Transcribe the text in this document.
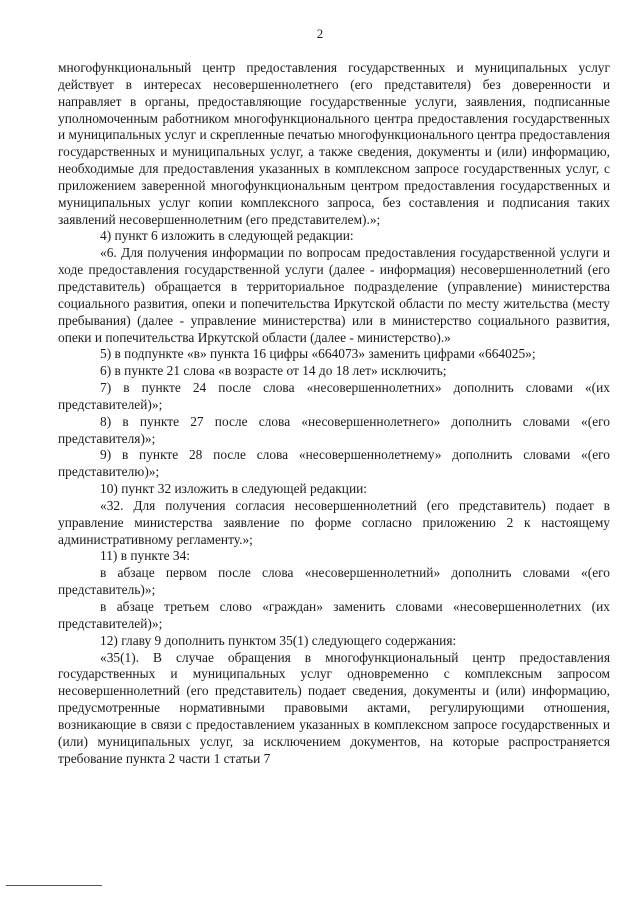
2

многофункциональный центр предоставления государственных и муниципальных услуг действует в интересах несовершеннолетнего (его представителя) без доверенности и направляет в органы, предоставляющие государственные услуги, заявления, подписанные уполномоченным работником многофункционального центра предоставления государственных и муниципальных услуг и скрепленные печатью многофункционального центра предоставления государственных и муниципальных услуг, а также сведения, документы и (или) информацию, необходимые для предоставления указанных в комплексном запросе государственных услуг, с приложением заверенной многофункциональным центром предоставления государственных и муниципальных услуг копии комплексного запроса, без составления и подписания таких заявлений несовершеннолетним (его представителем).»;

4) пункт 6 изложить в следующей редакции:

«6. Для получения информации по вопросам предоставления государственной услуги и ходе предоставления государственной услуги (далее - информация) несовершеннолетний (его представитель) обращается в территориальное подразделение (управление) министерства социального развития, опеки и попечительства Иркутской области по месту жительства (месту пребывания) (далее - управление министерства) или в министерство социального развития, опеки и попечительства Иркутской области (далее - министерство).»

5) в подпункте «в» пункта 16 цифры «664073» заменить цифрами «664025»;

6) в пункте 21 слова «в возрасте от 14 до 18 лет» исключить;

7) в пункте 24 после слова «несовершеннолетних» дополнить словами «(их представителей)»;

8) в пункте 27 после слова «несовершеннолетнего» дополнить словами «(его представителя)»;

9) в пункте 28 после слова «несовершеннолетнему» дополнить словами «(его представителю)»;

10) пункт 32 изложить в следующей редакции:

«32. Для получения согласия несовершеннолетний (его представитель) подает в управление министерства заявление по форме согласно приложению 2 к настоящему административному регламенту.»;

11) в пункте 34:

в абзаце первом после слова «несовершеннолетний» дополнить словами «(его представитель)»;

в абзаце третьем слово «граждан» заменить словами «несовершеннолетних (их представителей)»;

12) главу 9 дополнить пунктом 35(1) следующего содержания:

«35(1). В случае обращения в многофункциональный центр предоставления государственных и муниципальных услуг одновременно с комплексным запросом несовершеннолетний (его представитель) подает сведения, документы и (или) информацию, предусмотренные нормативными правовыми актами, регулирующими отношения, возникающие в связи с предоставлением указанных в комплексном запросе государственных и (или) муниципальных услуг, за исключением документов, на которые распространяется требование пункта 2 части 1 статьи 7
